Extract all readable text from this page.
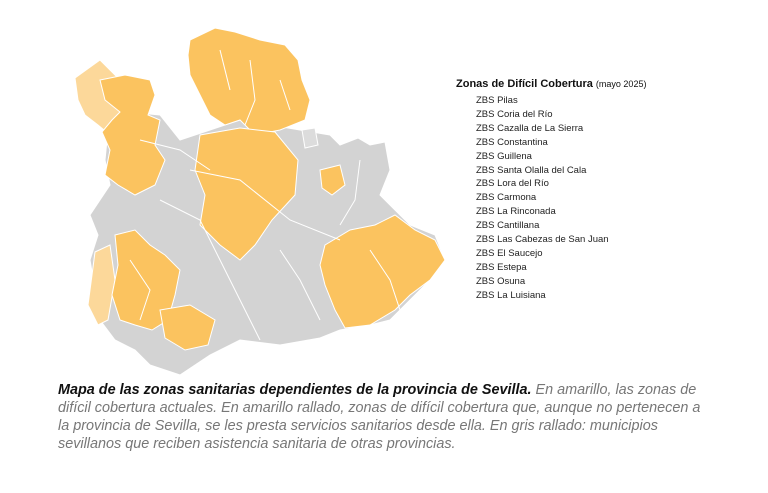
Zonas de Difícil Cobertura (mayo 2025)
ZBS Pilas
ZBS Coria del Río
ZBS Cazalla de La Sierra
ZBS Constantina
ZBS Guillena
ZBS Santa Olalla del Cala
ZBS Lora del Río
ZBS Carmona
ZBS La Rinconada
ZBS Cantillana
ZBS Las Cabezas de San Juan
ZBS El Saucejo
ZBS Estepa
ZBS Osuna
ZBS La Luisiana
Mapa de las zonas sanitarias dependientes de la provincia de Sevilla. En amarillo, las zonas de difícil cobertura actuales. En amarillo rallado, zonas de difícil cobertura que, aunque no pertenecen a la provincia de Sevilla, se les presta servicios sanitarios desde ella. En gris rallado: municipios sevillanos que reciben asistencia sanitaria de otras provincias.
